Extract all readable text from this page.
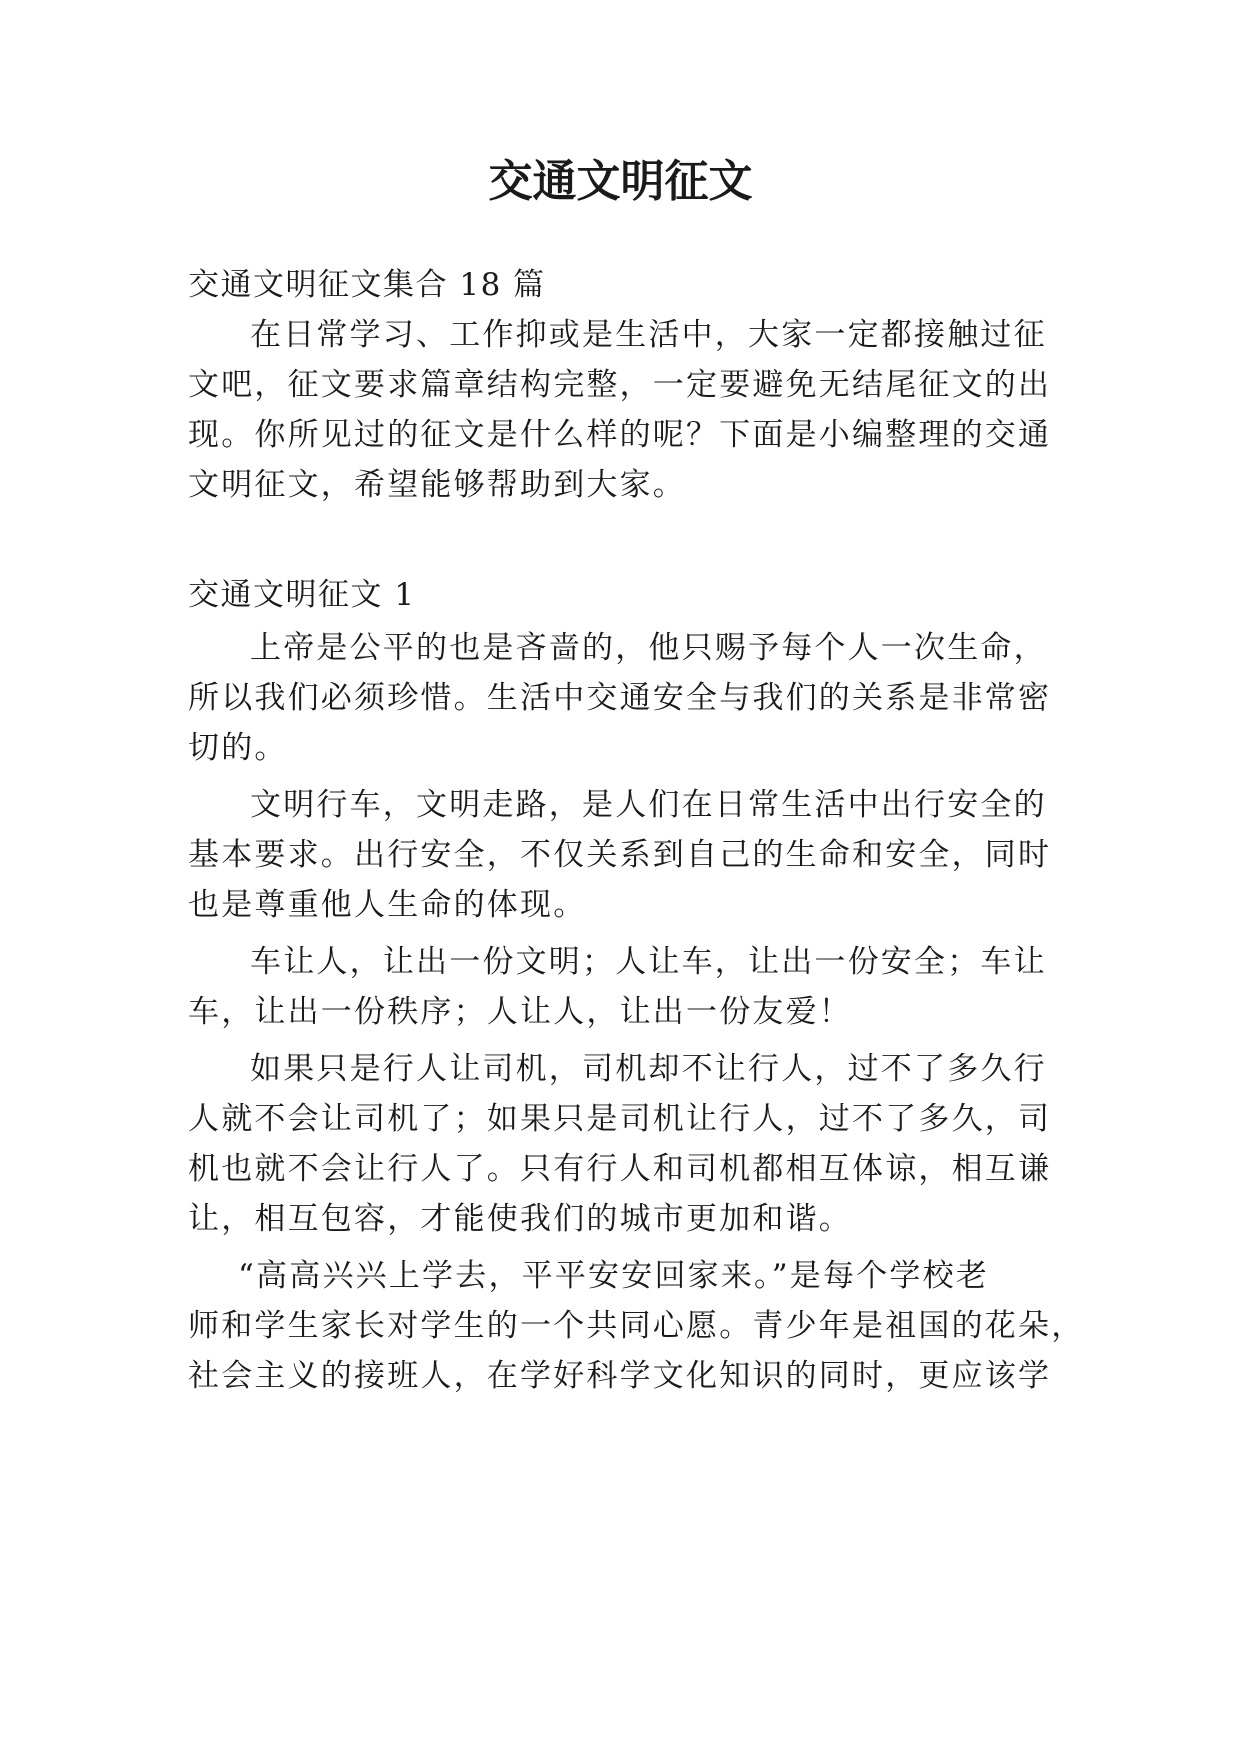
交通文明征文
交通文明征文集合 18 篇
在日常学习、工作抑或是生活中，大家一定都接触过征
文吧，征文要求篇章结构完整，一定要避免无结尾征文的出
现。你所见过的征文是什么样的呢？下面是小编整理的交通
文明征文，希望能够帮助到大家。
交通文明征文 1
上帝是公平的也是吝啬的，他只赐予每个人一次生命，
所以我们必须珍惜。生活中交通安全与我们的关系是非常密
切的。
文明行车，文明走路，是人们在日常生活中出行安全的
基本要求。出行安全，不仅关系到自己的生命和安全，同时
也是尊重他人生命的体现。
车让人，让出一份文明；人让车，让出一份安全；车让
车，让出一份秩序；人让人，让出一份友爱！
如果只是行人让司机，司机却不让行人，过不了多久行
人就不会让司机了；如果只是司机让行人，过不了多久，司
机也就不会让行人了。只有行人和司机都相互体谅，相互谦
让，相互包容，才能使我们的城市更加和谐。
“高高兴兴上学去，平平安安回家来。”是每个学校老
师和学生家长对学生的一个共同心愿。青少年是祖国的花朵，
社会主义的接班人，在学好科学文化知识的同时，更应该学
